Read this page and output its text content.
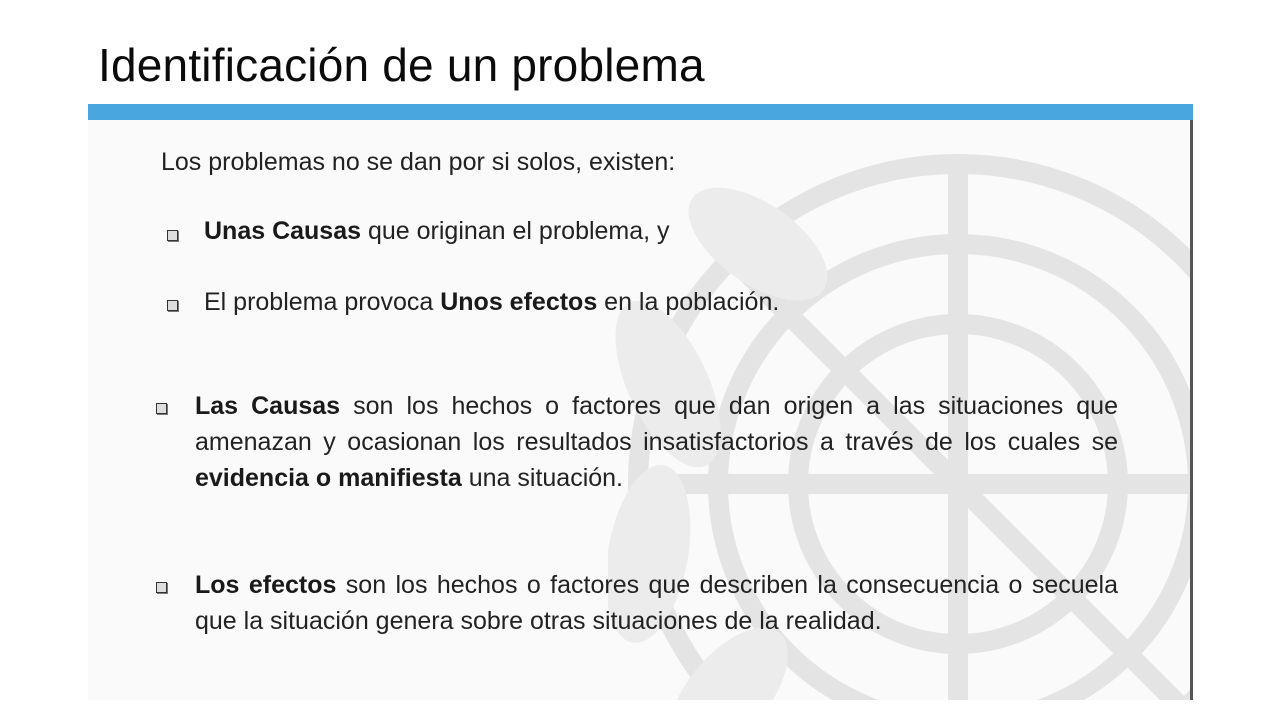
Identificación de un problema
Los problemas no se dan por si solos, existen:
Unas Causas que originan el problema, y
El problema provoca Unos efectos en la población.
Las Causas son los hechos o factores que dan origen a las situaciones que amenazan y ocasionan los resultados insatisfactorios a través de los cuales se evidencia o manifiesta una situación.
Los efectos son los hechos o factores que describen la consecuencia o secuela que la situación genera sobre otras situaciones de la realidad.
